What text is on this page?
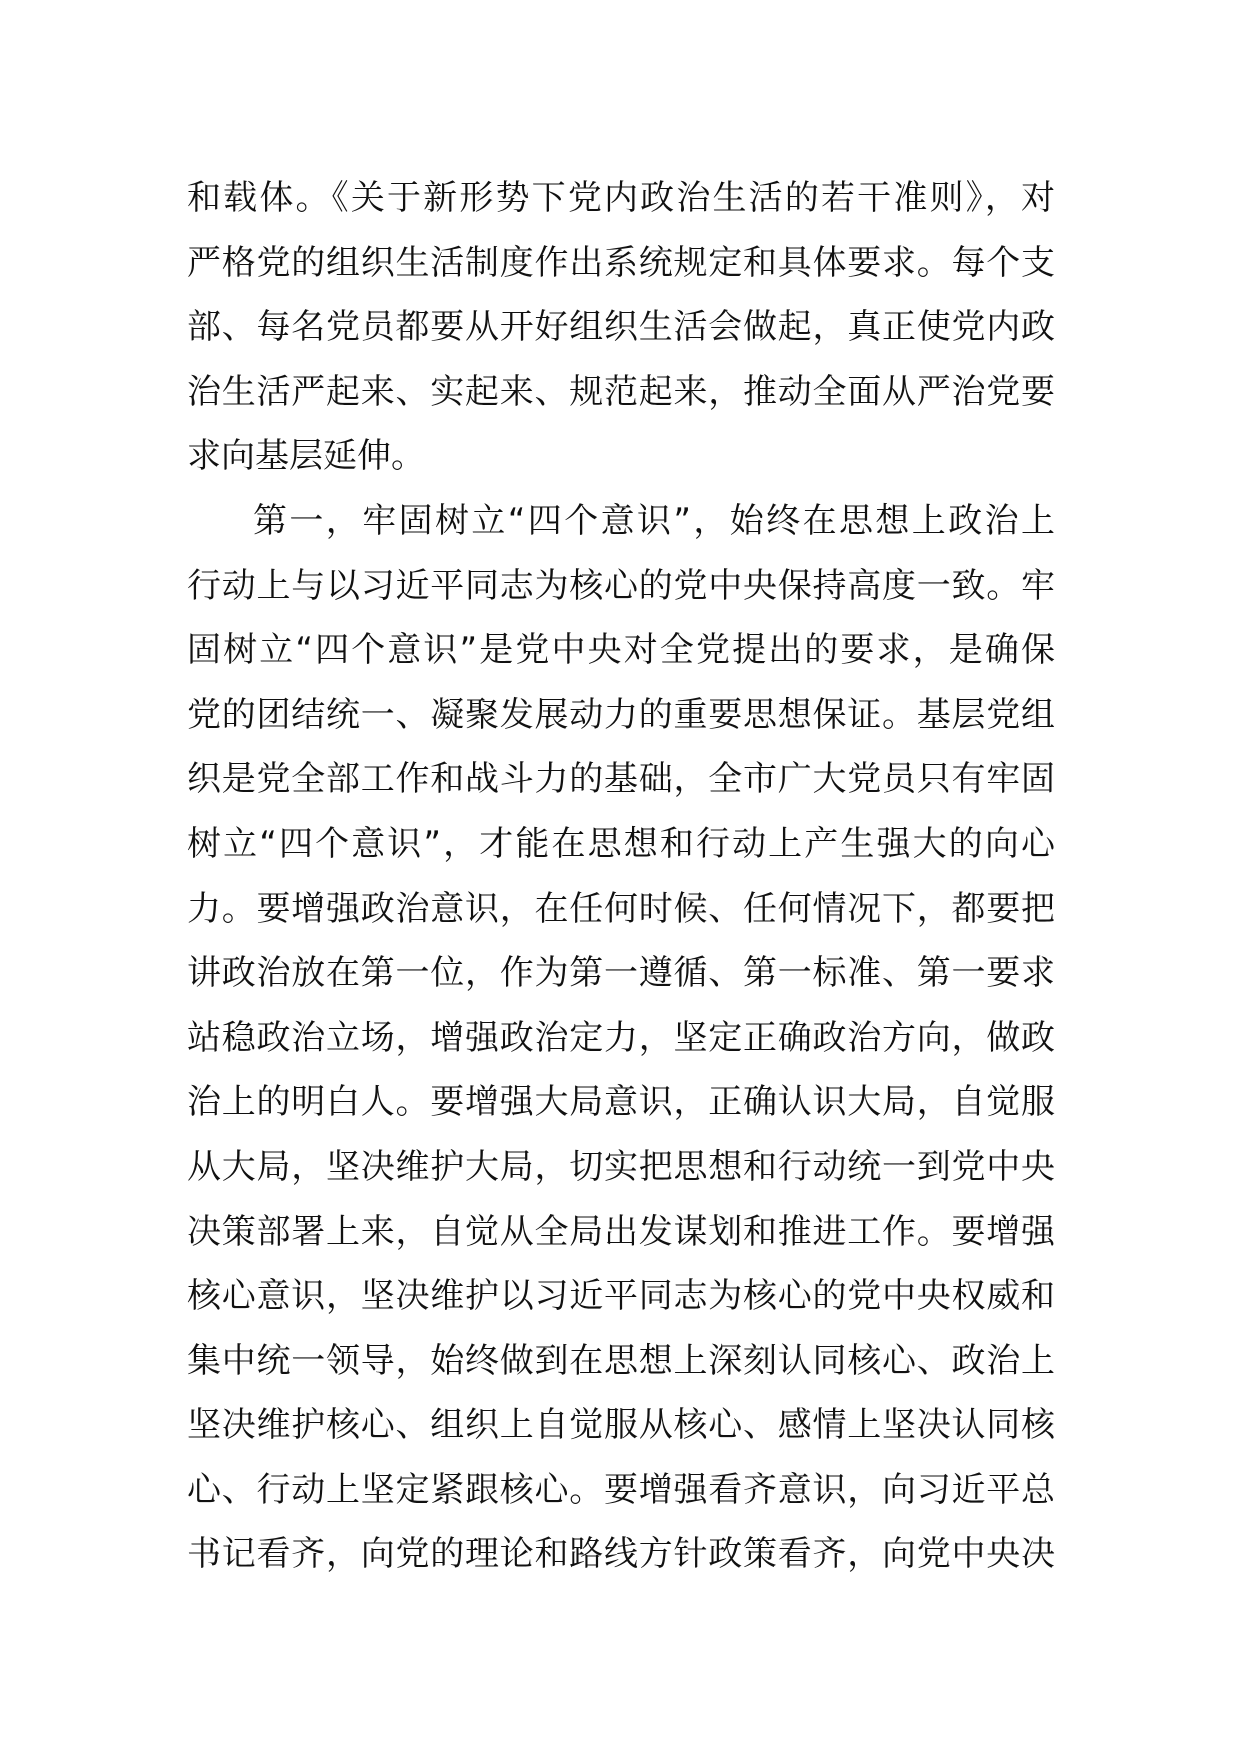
和载体。《关于新形势下党内政治生活的若干准则》，对
严格党的组织生活制度作出系统规定和具体要求。每个支
部、每名党员都要从开好组织生活会做起，真正使党内政
治生活严起来、实起来、规范起来，推动全面从严治党要
求向基层延伸。
第一，牢固树立“四个意识”，始终在思想上政治上
行动上与以习近平同志为核心的党中央保持高度一致。牢
固树立“四个意识”是党中央对全党提出的要求，是确保
党的团结统一、凝聚发展动力的重要思想保证。基层党组
织是党全部工作和战斗力的基础，全市广大党员只有牢固
树立“四个意识”，才能在思想和行动上产生强大的向心
力。要增强政治意识，在任何时候、任何情况下，都要把
讲政治放在第一位，作为第一遵循、第一标准、第一要求
站稳政治立场，增强政治定力，坚定正确政治方向，做政
治上的明白人。要增强大局意识，正确认识大局，自觉服
从大局，坚决维护大局，切实把思想和行动统一到党中央
决策部署上来，自觉从全局出发谋划和推进工作。要增强
核心意识，坚决维护以习近平同志为核心的党中央权威和
集中统一领导，始终做到在思想上深刻认同核心、政治上
坚决维护核心、组织上自觉服从核心、感情上坚决认同核
心、行动上坚定紧跟核心。要增强看齐意识，向习近平总
书记看齐，向党的理论和路线方针政策看齐，向党中央决
